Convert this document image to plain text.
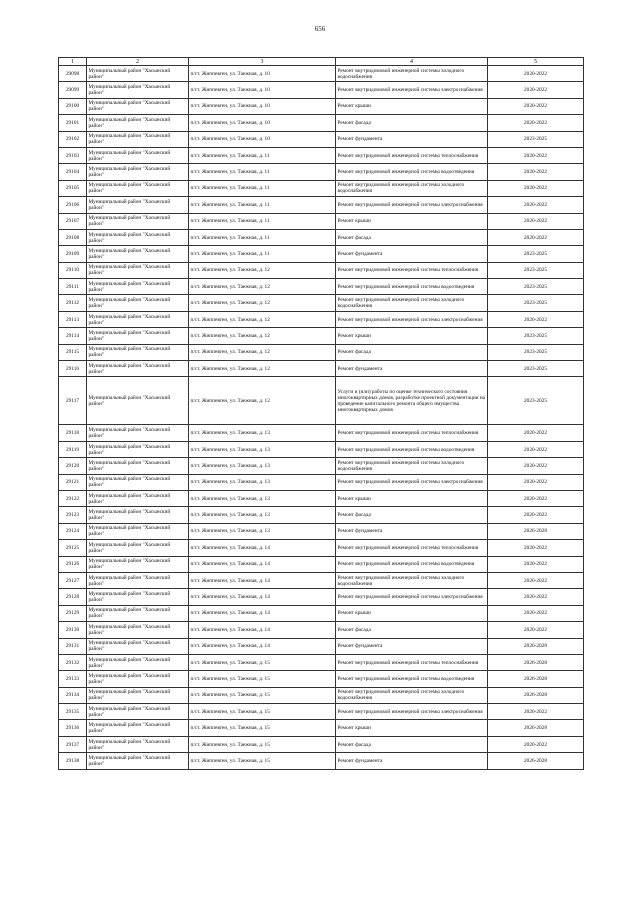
656
1	2	3	4	5
29098	Муниципальный район "Хасынский район"	п/ст. Жиппевген, ул. Таежная, д. 10	Ремонт внутридомовой инженерной системы холодного водоснабжения	2020-2022
29099	Муниципальный район "Хасынский район"	п/ст. Жиппевген, ул. Таежная, д. 10	Ремонт внутридомовой инженерной системы электроснабжения	2020-2022
29100	Муниципальный район "Хасынский район"	п/ст. Жиппевген, ул. Таежная, д. 10	Ремонт крыши	2020-2022
29101	Муниципальный район "Хасынский район"	п/ст. Жиппевген, ул. Таежная, д. 10	Ремонт фасада	2020-2022
29102	Муниципальный район "Хасынский район"	п/ст. Жиппевген, ул. Таежная, д. 10	Ремонт фундамента	2023-2025
29103	Муниципальный район "Хасынский район"	п/ст. Жиппевген, ул. Таежная, д. 11	Ремонт внутридомовой инженерной системы теплоснабжения	2020-2022
29104	Муниципальный район "Хасынский район"	п/ст. Жиппевген, ул. Таежная, д. 11	Ремонт внутридомовой инженерной системы водоотведения	2020-2022
29105	Муниципальный район "Хасынский район"	п/ст. Жиппевген, ул. Таежная, д. 11	Ремонт внутридомовой инженерной системы холодного водоснабжения	2020-2022
29106	Муниципальный район "Хасынский район"	п/ст. Жиппевген, ул. Таежная, д. 11	Ремонт внутридомовой инженерной системы электроснабжения	2020-2022
29107	Муниципальный район "Хасынский район"	п/ст. Жиппевген, ул. Таежная, д. 11	Ремонт крыши	2020-2022
29108	Муниципальный район "Хасынский район"	п/ст. Жиппевген, ул. Таежная, д. 11	Ремонт фасада	2020-2022
29109	Муниципальный район "Хасынский район"	п/ст. Жиппевген, ул. Таежная, д. 11	Ремонт фундамента	2023-2025
29110	Муниципальный район "Хасынский район"	п/ст. Жиппевген, ул. Таежная, д. 12	Ремонт внутридомовой инженерной системы теплоснабжения	2023-2025
29111	Муниципальный район "Хасынский район"	п/ст. Жиппевген, ул. Таежная, д. 12	Ремонт внутридомовой инженерной системы водоотведения	2023-2025
29112	Муниципальный район "Хасынский район"	п/ст. Жиппевген, ул. Таежная, д. 12	Ремонт внутридомовой инженерной системы холодного водоснабжения	2023-2025
29113	Муниципальный район "Хасынский район"	п/ст. Жиппевген, ул. Таежная, д. 12	Ремонт внутридомовой инженерной системы электроснабжения	2020-2022
29114	Муниципальный район "Хасынский район"	п/ст. Жиппевген, ул. Таежная, д. 12	Ремонт крыши	2023-2025
29115	Муниципальный район "Хасынский район"	п/ст. Жиппевген, ул. Таежная, д. 12	Ремонт фасада	2023-2025
29116	Муниципальный район "Хасынский район"	п/ст. Жиппевген, ул. Таежная, д. 12	Ремонт фундамента	2023-2025
29117	Муниципальный район "Хасынский район"	п/ст. Жиппевген, ул. Таежная, д. 12	Услуги и (или) работы по оценке технического состояния многоквартирных домов, разработке проектной документации на проведение капитального ремонта общего имущества многоквартирных домов	2023-2025
29118	Муниципальный район "Хасынский район"	п/ст. Жиппевген, ул. Таежная, д. 13	Ремонт внутридомовой инженерной системы теплоснабжения	2020-2022
29119	Муниципальный район "Хасынский район"	п/ст. Жиппевген, ул. Таежная, д. 13	Ремонт внутридомовой инженерной системы водоотведения	2020-2022
29120	Муниципальный район "Хасынский район"	п/ст. Жиппевген, ул. Таежная, д. 13	Ремонт внутридомовой инженерной системы холодного водоснабжения	2020-2022
29121	Муниципальный район "Хасынский район"	п/ст. Жиппевген, ул. Таежная, д. 13	Ремонт внутридомовой инженерной системы электроснабжения	2020-2022
29122	Муниципальный район "Хасынский район"	п/ст. Жиппевген, ул. Таежная, д. 13	Ремонт крыши	2020-2022
29123	Муниципальный район "Хасынский район"	п/ст. Жиппевген, ул. Таежная, д. 13	Ремонт фасада	2020-2022
29124	Муниципальный район "Хасынский район"	п/ст. Жиппевген, ул. Таежная, д. 13	Ремонт фундамента	2026-2028
29125	Муниципальный район "Хасынский район"	п/ст. Жиппевген, ул. Таежная, д. 14	Ремонт внутридомовой инженерной системы теплоснабжения	2020-2022
29126	Муниципальный район "Хасынский район"	п/ст. Жиппевген, ул. Таежная, д. 14	Ремонт внутридомовой инженерной системы водоотведения	2020-2022
29127	Муниципальный район "Хасынский район"	п/ст. Жиппевген, ул. Таежная, д. 14	Ремонт внутридомовой инженерной системы холодного водоснабжения	2020-2022
29128	Муниципальный район "Хасынский район"	п/ст. Жиппевген, ул. Таежная, д. 14	Ремонт внутридомовой инженерной системы электроснабжения	2020-2022
29129	Муниципальный район "Хасынский район"	п/ст. Жиппевген, ул. Таежная, д. 14	Ремонт крыши	2020-2022
29130	Муниципальный район "Хасынский район"	п/ст. Жиппевген, ул. Таежная, д. 14	Ремонт фасада	2020-2022
29131	Муниципальный район "Хасынский район"	п/ст. Жиппевген, ул. Таежная, д. 14	Ремонт фундамента	2026-2028
29132	Муниципальный район "Хасынский район"	п/ст. Жиппевген, ул. Таежная, д. 15	Ремонт внутридомовой инженерной системы теплоснабжения	2026-2028
29133	Муниципальный район "Хасынский район"	п/ст. Жиппевген, ул. Таежная, д. 15	Ремонт внутридомовой инженерной системы водоотведения	2026-2028
29134	Муниципальный район "Хасынский район"	п/ст. Жиппевген, ул. Таежная, д. 15	Ремонт внутридомовой инженерной системы холодного водоснабжения	2026-2028
29135	Муниципальный район "Хасынский район"	п/ст. Жиппевген, ул. Таежная, д. 15	Ремонт внутридомовой инженерной системы электроснабжения	2020-2022
29136	Муниципальный район "Хасынский район"	п/ст. Жиппевген, ул. Таежная, д. 15	Ремонт крыши	2026-2028
29137	Муниципальный район "Хасынский район"	п/ст. Жиппевген, ул. Таежная, д. 15	Ремонт фасада	2020-2022
29138	Муниципальный район "Хасынский район"	п/ст. Жиппевген, ул. Таежная, д. 15	Ремонт фундамента	2026-2028
